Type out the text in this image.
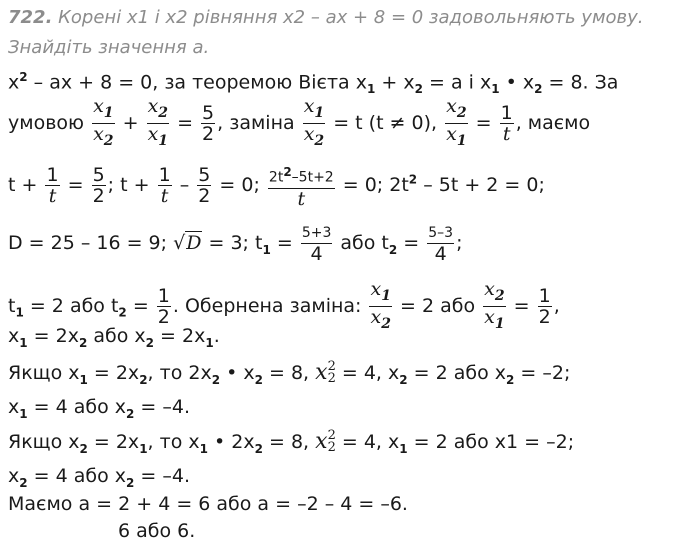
722. Корені x1 і x2 рівняння x2 – ax + 8 = 0 задовольняють умову.
Знайдіть значення a.
$x^2$ – ax + 8 = 0, за теоремою Вієта $x_1 + x_2 = a$ і $x_1$ • $x_2 = 8$. За
умовою $\frac{x_1}{x_2} + \frac{x_2}{x_1} = \frac{5}{2}$ , заміна $\frac{x_1}{x_2} = t$ (t ≠ 0), $\frac{x_2}{x_1} = \frac{1}{t}$ , маємо
$t + \frac{1}{t} = \frac{5}{2}$ ; $t + \frac{1}{t} - \frac{5}{2} = 0$; $2t^2-5t+2$
t
= 0; $2t^2 - 5t + 2 = 0$;
D = 25 – 16 = 9; √D = 3; $t_1 = 5+3$
4 або $t_2 = 5-3$
4 ;
$t_1 = 2$ або $t_2 = \frac{1}{2}$ . Обернена заміна: $\frac{x_1}{x_2} = 2$ або $\frac{x_2}{x_1} = \frac{1}{2}$ ,
$x_1 = 2x_2$ або $x_2 = 2x_1$.
Якщо $x_1 = 2x_2$, то $2x_2$ • $x_2 = 8$, x 2
2 = 4, $x_2 = 2$ або $x_2 = -2$;
$x_1 = 4$ або $x_2 = -4$.
Якщо $x_2 = 2x_1$, то $x_1$ • $2x_2 = 8$, x 2
2 = 4, $x_1 = 2$ або x1 = –2;
$x_2 = 4$ або $x_2 = -4$.
Маємо a = 2 + 4 = 6 або a = –2 – 4 = –6.
6 або 6.
